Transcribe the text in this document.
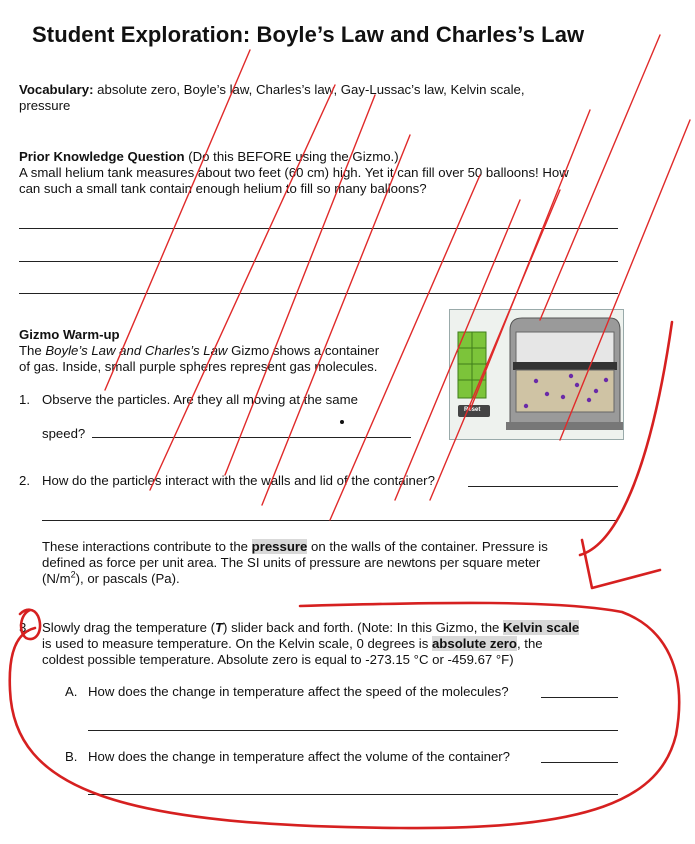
Student Exploration: Boyle’s Law and Charles’s Law
Vocabulary: absolute zero, Boyle’s law, Charles’s law, Gay-Lussac’s law, Kelvin scale,
pressure
Prior Knowledge Question (Do this BEFORE using the Gizmo.)
A small helium tank measures about two feet (60 cm) high. Yet it can fill over 50 balloons! How
can such a small tank contain enough helium to fill so many balloons?
Gizmo Warm-up
The Boyle’s Law and Charles’s Law Gizmo shows a container
of gas. Inside, small purple spheres represent gas molecules.
Reset
1. Observe the particles. Are they all moving at the same
speed?
2. How do the particles interact with the walls and lid of the container?
These interactions contribute to the pressure on the walls of the container. Pressure is
defined as force per unit area. The SI units of pressure are newtons per square meter
$(N/m^2)$, or pascals (Pa).
3. Slowly drag the temperature (T) slider back and forth. (Note: In this Gizmo, the Kelvin scale
is used to measure temperature. On the Kelvin scale, 0 degrees is absolute zero, the
coldest possible temperature. Absolute zero is equal to -273.15 °C or -459.67 °F)
A. How does the change in temperature affect the speed of the molecules?
B. How does the change in temperature affect the volume of the container?
